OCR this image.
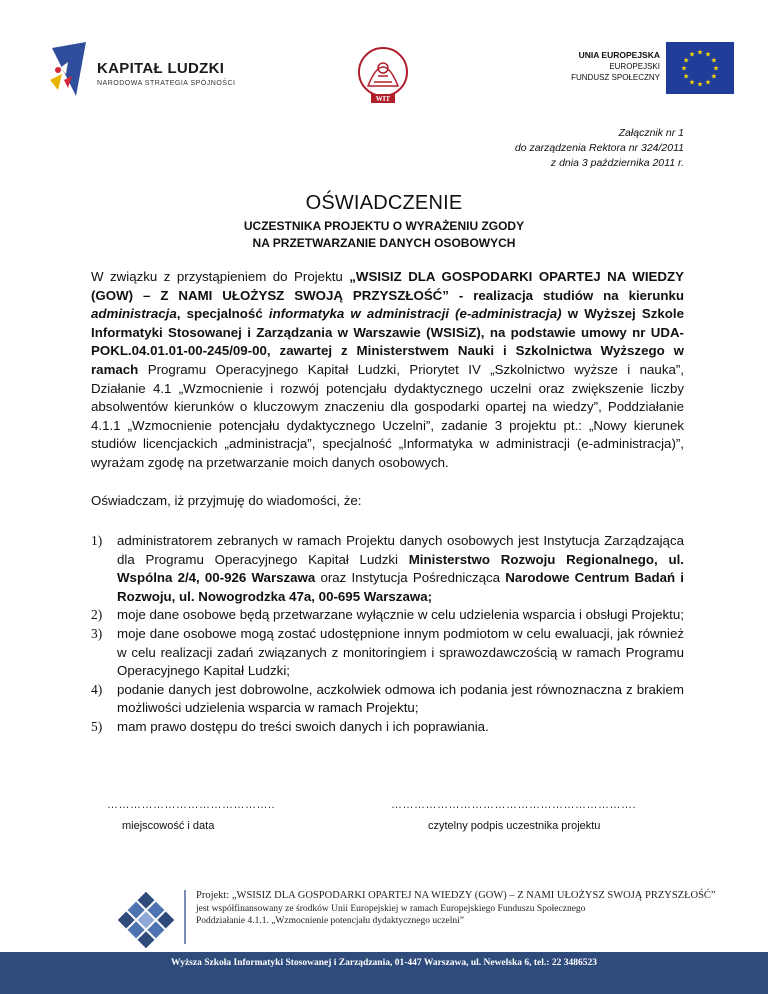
KAPITAŁ LUDZKI
NARODOWA STRATEGIA SPÓJNOŚCI
WIT
UNIA EUROPEJSKA
EUROPEJSKI
FUNDUSZ SPOŁECZNY
★
★
★
★
★
★
★
★
★ ★ ★
★
Załącznik nr 1
do zarządzenia Rektora nr 324/2011
z dnia 3 października 2011 r.
OŚWIADCZENIE
UCZESTNIKA PROJEKTU O WYRAŻENIU ZGODY
NA PRZETWARZANIE DANYCH OSOBOWYCH
W związku z przystąpieniem do Projektu „WSISIZ DLA GOSPODARKI OPARTEJ NA WIEDZY (GOW) – Z NAMI UŁOŻYSZ SWOJĄ PRZYSZŁOŚĆ” - realizacja studiów na kierunku administracja, specjalność informatyka w administracji (e-administracja) w Wyższej Szkole Informatyki Stosowanej i Zarządzania w Warszawie (WSISiZ), na podstawie umowy nr UDA-POKL.04.01.01-00-245/09-00, zawartej z Ministerstwem Nauki i Szkolnictwa Wyższego w ramach Programu Operacyjnego Kapitał Ludzki, Priorytet IV „Szkolnictwo wyższe i nauka”, Działanie 4.1 „Wzmocnienie i rozwój potencjału dydaktycznego uczelni oraz zwiększenie liczby absolwentów kierunków o kluczowym znaczeniu dla gospodarki opartej na wiedzy”, Poddziałanie 4.1.1 „Wzmocnienie potencjału dydaktycznego Uczelni”, zadanie 3 projektu pt.: „Nowy kierunek studiów licencjackich „administracja”, specjalność „Informatyka w administracji (e-administracja)”, wyrażam zgodę na przetwarzanie moich danych osobowych.
Oświadczam, iż przyjmuję do wiadomości, że:
1) administratorem zebranych w ramach Projektu danych osobowych jest Instytucja Zarządzająca dla Programu Operacyjnego Kapitał Ludzki Ministerstwo Rozwoju Regionalnego, ul. Wspólna 2/4, 00-926 Warszawa oraz Instytucja Pośrednicząca Narodowe Centrum Badań i Rozwoju, ul. Nowogrodzka 47a, 00-695 Warszawa;
2) moje dane osobowe będą przetwarzane wyłącznie w celu udzielenia wsparcia i obsługi Projektu;
3) moje dane osobowe mogą zostać udostępnione innym podmiotom w celu ewaluacji, jak również w celu realizacji zadań związanych z monitoringiem i sprawozdawczością w ramach Programu Operacyjnego Kapitał Ludzki;
4) podanie danych jest dobrowolne, aczkolwiek odmowa ich podania jest równoznaczna z brakiem możliwości udzielenia wsparcia w ramach Projektu;
5) mam prawo dostępu do treści swoich danych i ich poprawiania.
……………………………………..
miejscowość i data
……………………………………………………….
czytelny podpis uczestnika projektu
Projekt: „WSISIZ DLA GOSPODARKI OPARTEJ NA WIEDZY (GOW) – Z NAMI UŁOŻYSZ SWOJĄ PRZYSZŁOŚĆ”
jest współfinansowany ze środków Unii Europejskiej w ramach Europejskiego Funduszu Społecznego
Poddziałanie 4.1.1. „Wzmocnienie potencjału dydaktycznego uczelni”
Wyższa Szkoła Informatyki Stosowanej i Zarządzania, 01-447 Warszawa, ul. Newelska 6, tel.: 22 3486523
